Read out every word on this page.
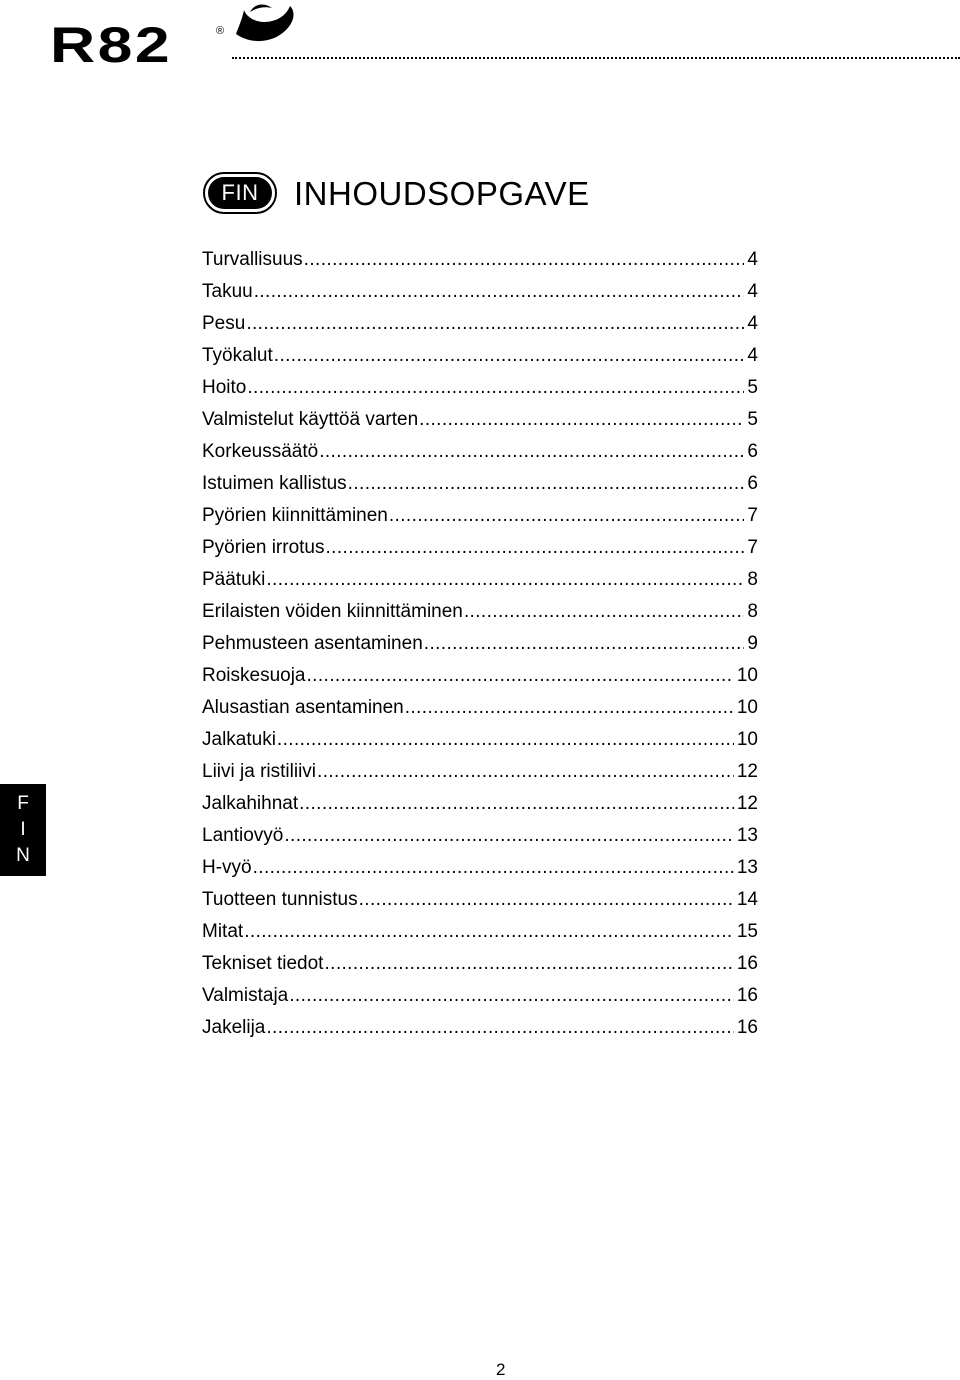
R82	®
FIN	INHOUDSOPGAVE
Turvallisuus .....	4
Takuu .....	4
Pesu .....	4
Työkalut .....	4
Hoito .....	5
Valmistelut käyttöä varten .....	5
Korkeussäätö .....	6
Istuimen kallistus .....	6
Pyörien kiinnittäminen .....	7
Pyörien irrotus .....	7
Päätuki .....	8
Erilaisten vöiden kiinnittäminen .....	8
Pehmusteen asentaminen .....	9
Roiskesuoja .....	10
Alusastian asentaminen .....	10
Jalkatuki .....	10
Liivi ja ristiliivi .....	12
Jalkahihnat .....	12
Lantiovyö .....	13
H-vyö .....	13
Tuotteen tunnistus .....	14
Mitat .....	15
Tekniset tiedot .....	16
Valmistaja .....	16
Jakelija .....	16
F
I
N
2
